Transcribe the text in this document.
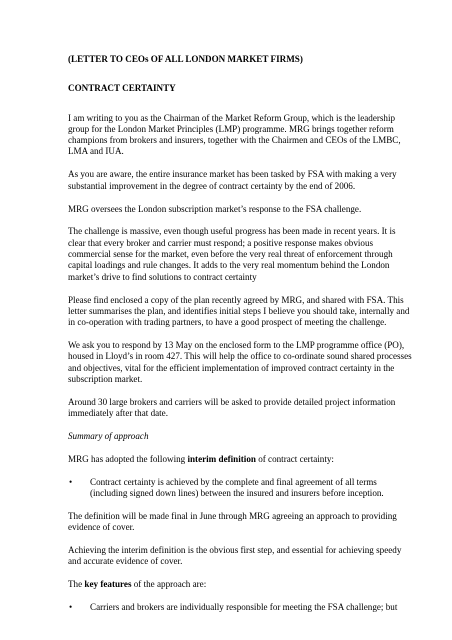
(LETTER TO CEOs OF ALL LONDON MARKET FIRMS)

CONTRACT CERTAINTY

I am writing to you as the Chairman of the Market Reform Group, which is the leadership group for the London Market Principles (LMP) programme. MRG brings together reform champions from brokers and insurers, together with the Chairmen and CEOs of the LMBC, LMA and IUA.

As you are aware, the entire insurance market has been tasked by FSA with making a very substantial improvement in the degree of contract certainty by the end of 2006.

MRG oversees the London subscription market’s response to the FSA challenge.

The challenge is massive, even though useful progress has been made in recent years. It is clear that every broker and carrier must respond; a positive response makes obvious commercial sense for the market, even before the very real threat of enforcement through capital loadings and rule changes. It adds to the very real momentum behind the London market’s drive to find solutions to contract certainty

Please find enclosed a copy of the plan recently agreed by MRG, and shared with FSA. This letter summarises the plan, and identifies initial steps I believe you should take, internally and in co-operation with trading partners, to have a good prospect of meeting the challenge.

We ask you to respond by 13 May on the enclosed form to the LMP programme office (PO), housed in Lloyd’s in room 427. This will help the office to co-ordinate sound shared processes and objectives, vital for the efficient implementation of improved contract certainty in the subscription market.

Around 30 large brokers and carriers will be asked to provide detailed project information immediately after that date.

Summary of approach

MRG has adopted the following interim definition of contract certainty:

• Contract certainty is achieved by the complete and final agreement of all terms (including signed down lines) between the insured and insurers before inception.

The definition will be made final in June through MRG agreeing an approach to providing evidence of cover.

Achieving the interim definition is the obvious first step, and essential for achieving speedy and accurate evidence of cover.

The key features of the approach are:

• Carriers and brokers are individually responsible for meeting the FSA challenge; but
